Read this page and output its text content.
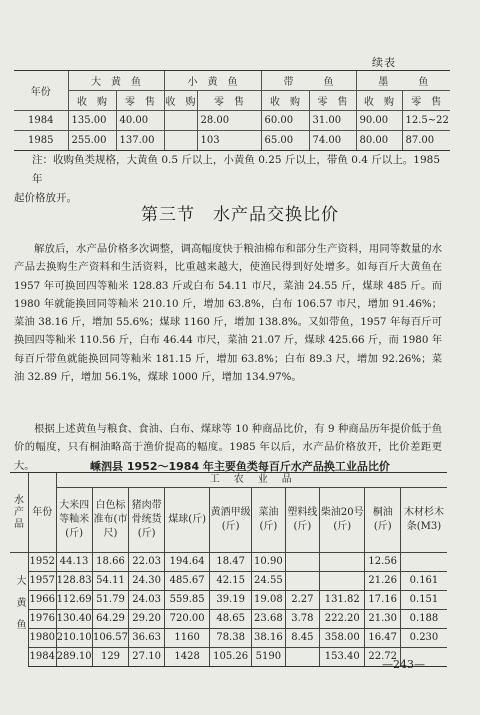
续表
年份	大　黄　鱼		小　黄　鱼		带　　　鱼		墨　　　鱼	
	收　购	零　售	收　购	零　售	收　购	零　售	收　购	零　售
1984	135.00	40.00		28.00	60.00	31.00	90.00	12.5~22
1985	255.00	137.00		103	65.00	74.00	80.00	87.00
注：收购鱼类规格，大黄鱼 0.5 斤以上，小黄鱼 0.25 斤以上，带鱼 0.4 斤以上。1985 年
起价格放开。
第三节　水产品交换比价
解放后，水产品价格多次调整，调高幅度快于粮油棉布和部分生产资料，用同等数量的水产品去换购生产资料和生活资料，比重越来越大，使渔民得到好处增多。如每百斤大黄鱼在 1957 年可换回四等籼米 128.83 斤或白布 54.11 市尺，菜油 24.55 斤，煤球 485 斤。而 1980 年就能换回同等籼米 210.10 斤，增加 63.8%，白布 106.57 市尺，增加 91.46%；菜油 38.16 斤，增加 55.6%；煤球 1160 斤，增加 138.8%。又如带鱼，1957 年每百斤可换回四等籼米 110.56 斤，白布 46.44 市尺，菜油 21.07 斤，煤球 425.66 斤，而 1980 年每百斤带鱼就能换回同等籼米 181.15 斤，增加 63.8%；白布 89.3 尺，增加 92.26%；菜油 32.89 斤，增加 56.1%，煤球 1000 斤，增加 134.97%。
根据上述黄鱼与粮食、食油、白布、煤球等 10 种商品比价，有 9 种商品历年提价低于鱼价的幅度，只有桐油略高于渔价提高的幅度。1985 年以后，水产品价格放开，比价差距更大。	嵊泗县 1952～1984 年主要鱼类每百斤水产品换工业品比价
水产品	年份	工　农　业　品									
		大米四等籼米(斤)	白色标准布(市尺)	猪肉带骨统货(斤)	煤球(斤)	黄酒甲级(斤)	菜油(斤)	塑料线(斤)	柴油20号(斤)	桐油(斤)	木材杉木条(M3)
大黄鱼	1952	44.13	18.66	22.03	194.64	18.47	10.90			12.56	
	1957	128.83	54.11	24.30	485.67	42.15	24.55			21.26	0.161
	1966	112.69	51.79	24.03	559.85	39.19	19.08	2.27	131.82	17.16	0.151
	1976	130.40	64.29	29.20	720.00	48.65	23.68	3.78	222.20	21.30	0.188
	1980	210.10	106.57	36.63	1160	78.38	38.16	8.45	358.00	16.47	0.230
	1984	289.10	129	27.10	1428	105.26	5190		153.40	22.72	
—243—
